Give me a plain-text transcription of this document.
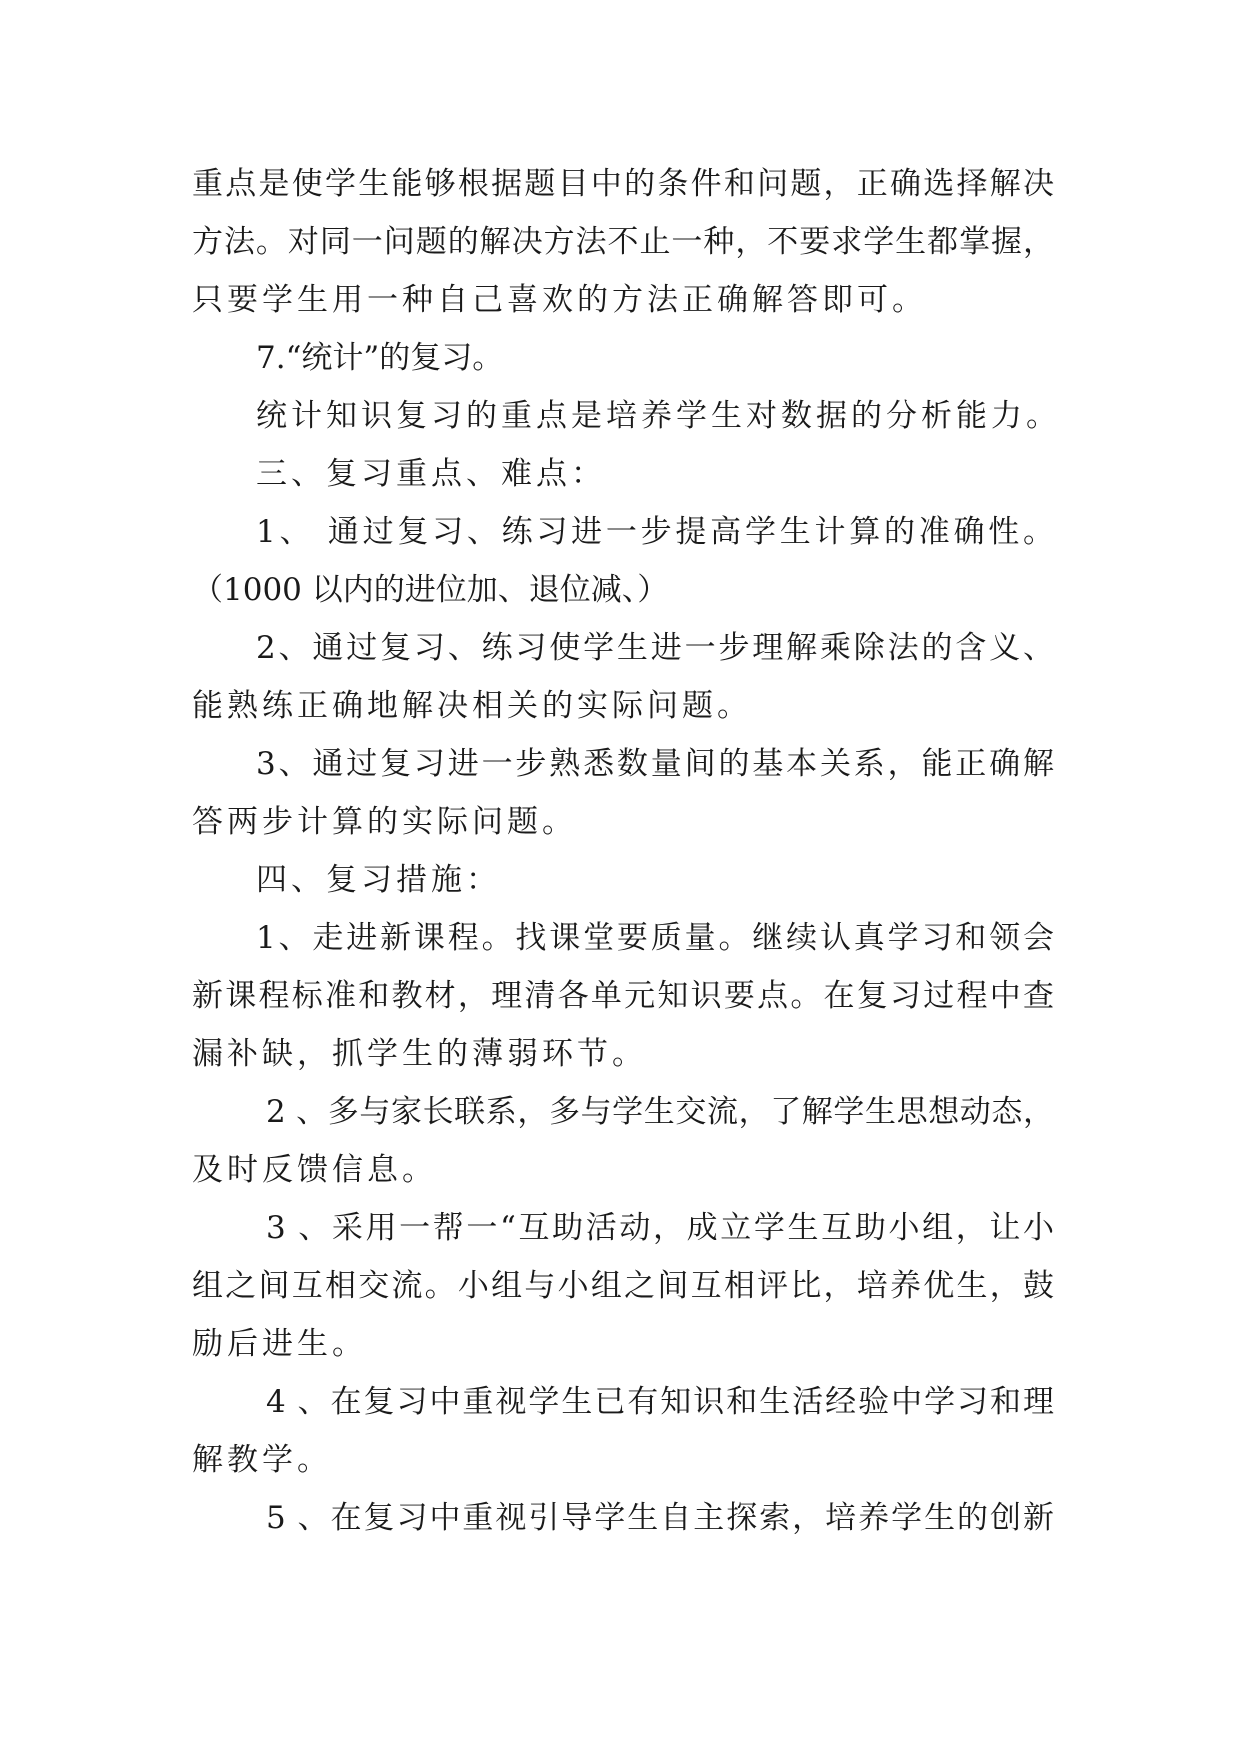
重点是使学生能够根据题目中的条件和问题，正确选择解决
方法。对同一问题的解决方法不止一种，不要求学生都掌握，
只要学生用一种自己喜欢的方法正确解答即可。
7.“统计”的复习。
统计知识复习的重点是培养学生对数据的分析能力。
三、复习重点、难点：
1、 通过复习、练习进一步提高学生计算的准确性。
（1000 以内的进位加、退位减、）
2、通过复习、练习使学生进一步理解乘除法的含义、
能熟练正确地解决相关的实际问题。
3、通过复习进一步熟悉数量间的基本关系，能正确解
答两步计算的实际问题。
四、复习措施：
1、走进新课程。找课堂要质量。继续认真学习和领会
新课程标准和教材，理清各单元知识要点。在复习过程中查
漏补缺，抓学生的薄弱环节。
2 、多与家长联系，多与学生交流，了解学生思想动态，
及时反馈信息。
3 、采用一帮一“互助活动，成立学生互助小组，让小
组之间互相交流。小组与小组之间互相评比，培养优生，鼓
励后进生。
4 、在复习中重视学生已有知识和生活经验中学习和理
解教学。
5 、在复习中重视引导学生自主探索，培养学生的创新
